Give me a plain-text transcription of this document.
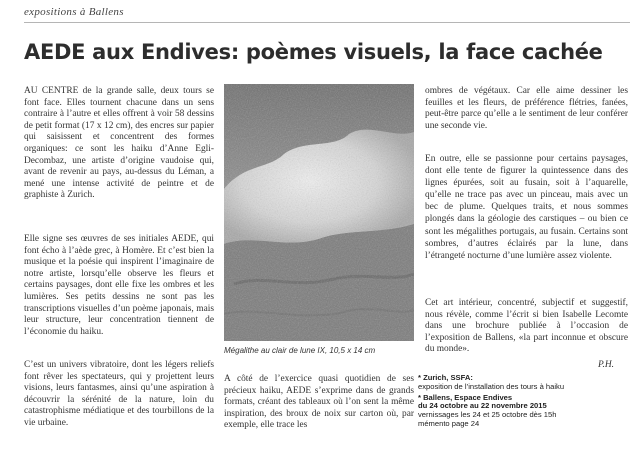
expositions à Ballens
AEDE aux Endives: poèmes visuels, la face cachée

AU CENTRE de la grande salle, deux tours se font face. Elles tournent chacune dans un sens contraire à l’autre et elles offrent à voir 58 dessins de petit format (17 x 12 cm), des encres sur papier qui saisissent et concentrent des formes organiques: ce sont les haiku d’Anne Egli-Decombaz, une artiste d’origine vaudoise qui, avant de revenir au pays, au-dessus du Léman, a mené une intense activité de peintre et de graphiste à Zurich.

Elle signe ses œuvres de ses initiales AEDE, qui font écho à l’aède grec, à Homère. Et c’est bien la musique et la poésie qui inspirent l’imaginaire de notre artiste, lorsqu’elle observe les fleurs et certains paysages, dont elle fixe les ombres et les lumières. Ses petits dessins ne sont pas les transcriptions visuelles d’un poème japonais, mais leur structure, leur concentration tiennent de l’économie du haiku.

C’est un univers vibratoire, dont les légers reliefs font rêver les spectateurs, qui y projettent leurs visions, leurs fantasmes, ainsi qu’une aspiration à découvrir la sérénité de la nature, loin du catastrophisme médiatique et des tourbillons de la vie urbaine.

Mégalithe au clair de lune IX, 10,5 x 14 cm

A côté de l’exercice quasi quotidien de ses précieux haiku, AEDE s’exprime dans de grands formats, créant des tableaux où l’on sent la même inspiration, des broux de noix sur carton où, par exemple, elle trace les

ombres de végétaux. Car elle aime dessiner les feuilles et les fleurs, de préférence flétries, fanées, peut-être parce qu’elle a le sentiment de leur conférer une seconde vie.

En outre, elle se passionne pour certains paysages, dont elle tente de figurer la quintessence dans des lignes épurées, soit au fusain, soit à l’aquarelle, qu’elle ne trace pas avec un pinceau, mais avec un bec de plume. Quelques traits, et nous sommes plongés dans la géologie des carstiques – ou bien ce sont les mégalithes portugais, au fusain. Certains sont sombres, d’autres éclairés par la lune, dans l’étrangeté nocturne d’une lumière assez violente.

Cet art intérieur, concentré, subjectif et suggestif, nous révèle, comme l’écrit si bien Isabelle Lecomte dans une brochure publiée à l’occasion de l’exposition de Ballens, «la part inconnue et obscure du monde».

P.H.

* Zurich, SSFA:
exposition de l’installation des tours à haiku

* Ballens, Espace Endives
du 24 octobre au 22 novembre 2015
vernissages les 24 et 25 octobre dès 15h
mémento page 24
